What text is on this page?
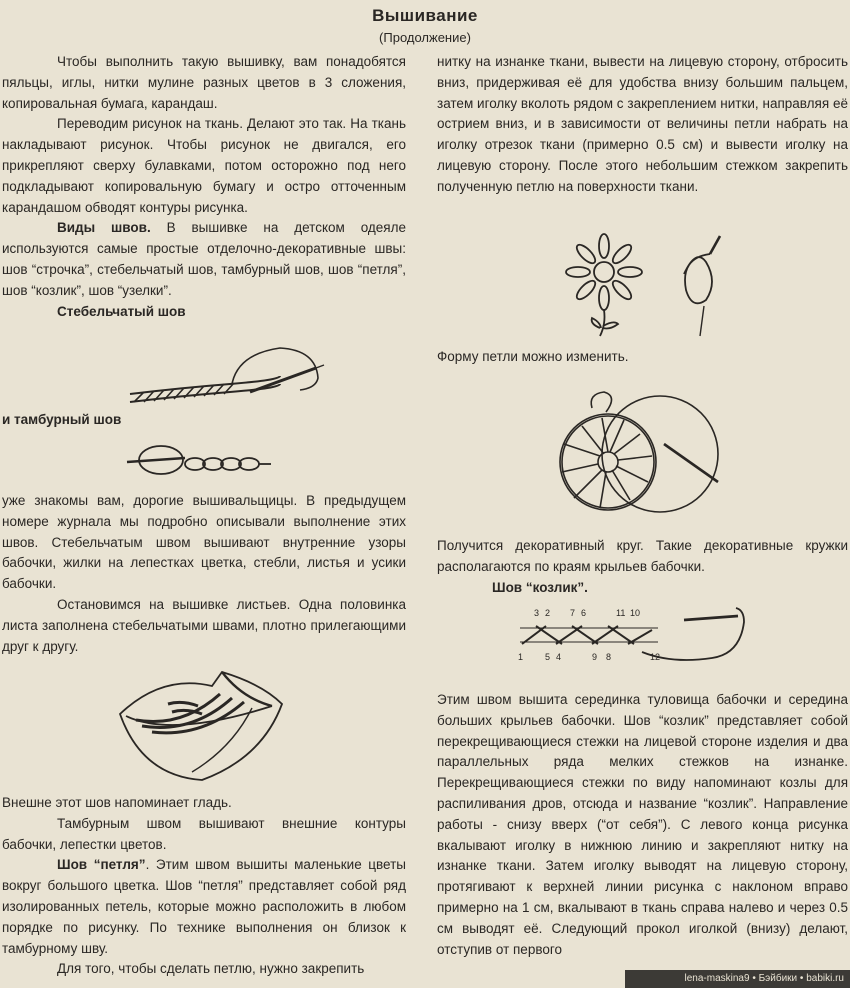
Вышивание
(Продолжение)

Чтобы выполнить такую вышивку, вам понадобятся пяльцы, иглы, нитки мулине разных цветов в 3 сложения, копировальная бумага, карандаш.

Переводим рисунок на ткань. Делают это так. На ткань накладывают рисунок. Чтобы рисунок не двигался, его прикрепляют сверху булавками, потом осторожно под него подкладывают копировальную бумагу и остро отточенным карандашом обводят контуры рисунка.

Виды швов. В вышивке на детском одеяле используются самые простые отделочно-декоративные швы: шов “строчка”, стебельчатый шов, тамбурный шов, шов “петля”, шов “козлик”, шов “узелки”.

Стебельчатый шов

и тамбурный шов

уже знакомы вам, дорогие вышивальщицы. В предыдущем номере журнала мы подробно описывали выполнение этих швов. Стебельчатым швом вышивают внутренние узоры бабочки, жилки на лепестках цветка, стебли, листья и усики бабочки.

Остановимся на вышивке листьев. Одна половинка листа заполнена стебельчатыми швами, плотно прилегающими друг к другу.

Внешне этот шов напоминает гладь.

Тамбурным швом вышивают внешние контуры бабочки, лепестки цветов.

Шов “петля”. Этим швом вышиты маленькие цветы вокруг большого цветка. Шов “петля” представляет собой ряд изолированных петель, которые можно расположить в любом порядке по рисунку. По технике выполнения он близок к тамбурному шву.

Для того, чтобы сделать петлю, нужно закрепить

нитку на изнанке ткани, вывести на лицевую сторону, отбросить вниз, придерживая её для удобства внизу большим пальцем, затем иголку вколоть рядом с закреплением нитки, направляя её острием вниз, и в зависимости от величины петли набрать на иголку отрезок ткани (примерно 0.5 см) и вывести иголку на лицевую сторону. После этого небольшим стежком закрепить полученную петлю на поверхности ткани.

Форму петли можно изменить.

Получится декоративный круг. Такие декоративные кружки располагаются по краям крыльев бабочки.

Шов “козлик”.

3 2 7 6	11 10
1 5 4	9 8	12

Этим швом вышита серединка туловища бабочки и середина больших крыльев бабочки. Шов “козлик” представляет собой перекрещивающиеся стежки на лицевой стороне изделия и два параллельных ряда мелких стежков на изнанке. Перекрещивающиеся стежки по виду напоминают козлы для распиливания дров, отсюда и название “козлик”. Направление работы - снизу вверх (“от себя”). С левого конца рисунка вкалывают иголку в нижнюю линию и закрепляют нитку на изнанке ткани. Затем иголку выводят на лицевую сторону, протягивают к верхней линии рисунка с наклоном вправо примерно на 1 см, вкалывают в ткань справа налево и через 0.5 см выводят её. Следующий прокол иголкой (внизу) делают, отступив от первого

lena-maskina9 • Бэйбики • babiki.ru
